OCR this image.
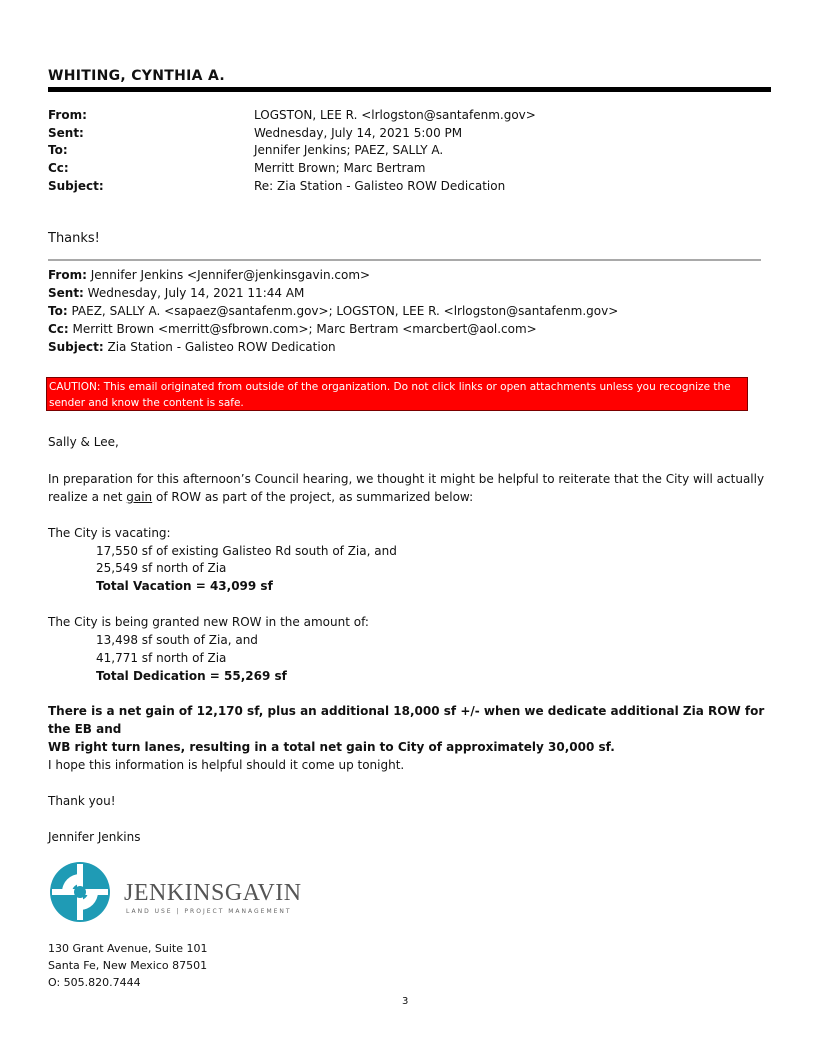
WHITING, CYNTHIA A.
From:	LOGSTON, LEE R. <lrlogston@santafenm.gov>
Sent:	Wednesday, July 14, 2021 5:00 PM
To:	Jennifer Jenkins; PAEZ, SALLY A.
Cc:	Merritt Brown; Marc Bertram
Subject:	Re: Zia Station - Galisteo ROW Dedication
Thanks!
From: Jennifer Jenkins <Jennifer@jenkinsgavin.com>
Sent: Wednesday, July 14, 2021 11:44 AM
To: PAEZ, SALLY A. <sapaez@santafenm.gov>; LOGSTON, LEE R. <lrlogston@santafenm.gov>
Cc: Merritt Brown <merritt@sfbrown.com>; Marc Bertram <marcbert@aol.com>
Subject: Zia Station - Galisteo ROW Dedication
CAUTION: This email originated from outside of the organization. Do not click links or open attachments unless you recognize the sender and know the content is safe.
Sally & Lee,
In preparation for this afternoon’s Council hearing, we thought it might be helpful to reiterate that the City will actually
realize a net gain of ROW as part of the project, as summarized below:
The City is vacating:
17,550 sf of existing Galisteo Rd south of Zia, and
25,549 sf north of Zia
Total Vacation = 43,099 sf
The City is being granted new ROW in the amount of:
13,498 sf south of Zia, and
41,771 sf north of Zia
Total Dedication = 55,269 sf
There is a net gain of 12,170 sf, plus an additional 18,000 sf +/- when we dedicate additional Zia ROW for the EB and
WB right turn lanes, resulting in a total net gain to City of approximately 30,000 sf.
I hope this information is helpful should it come up tonight.
Thank you!
Jennifer Jenkins
JENKINSGAVIN
LAND USE | PROJECT MANAGEMENT
130 Grant Avenue, Suite 101
Santa Fe, New Mexico 87501
O: 505.820.7444
3
